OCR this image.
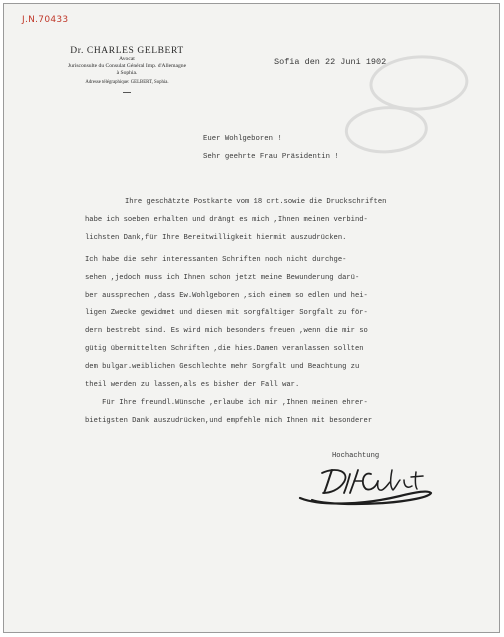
J.N.70433
Dr. CHARLES GELBERT
Avocat
Jurisconsulte du Consulat Général Imp. d'Allemagne
à Sophia.
Adresse télégraphique: GELBERT, Sophia.
Sofia den 22 Juni 1902
Euer Wohlgeboren !
Sehr geehrte Frau Präsidentin !
Ihre geschätzte Postkarte vom 18 crt.sowie die Druckschriften
habe ich soeben erhalten und drängt es mich ,Ihnen meinen verbind-
lichsten Dank,für Ihre Bereitwilligkeit hiermit auszudrücken.
Ich habe die sehr interessanten Schriften noch nicht durchge-
sehen ,jedoch muss ich Ihnen schon jetzt meine Bewunderung darü-
ber aussprechen ,dass Ew.Wohlgeboren ,sich einem so edlen und hei-
ligen Zwecke gewidmet und diesen mit sorgfältiger Sorgfalt zu för-
dern bestrebt sind. Es wird mich besonders freuen ,wenn die mir so
gütig übermittelten Schriften ,die hies.Damen veranlassen sollten
dem bulgar.weiblichen Geschlechte mehr Sorgfalt und Beachtung zu
theil werden zu lassen,als es bisher der Fall war.
Für Ihre freundl.Wünsche ,erlaube ich mir ,Ihnen meinen ehrer-
bietigsten Dank auszudrücken,und empfehle mich Ihnen mit besonderer
Hochachtung
